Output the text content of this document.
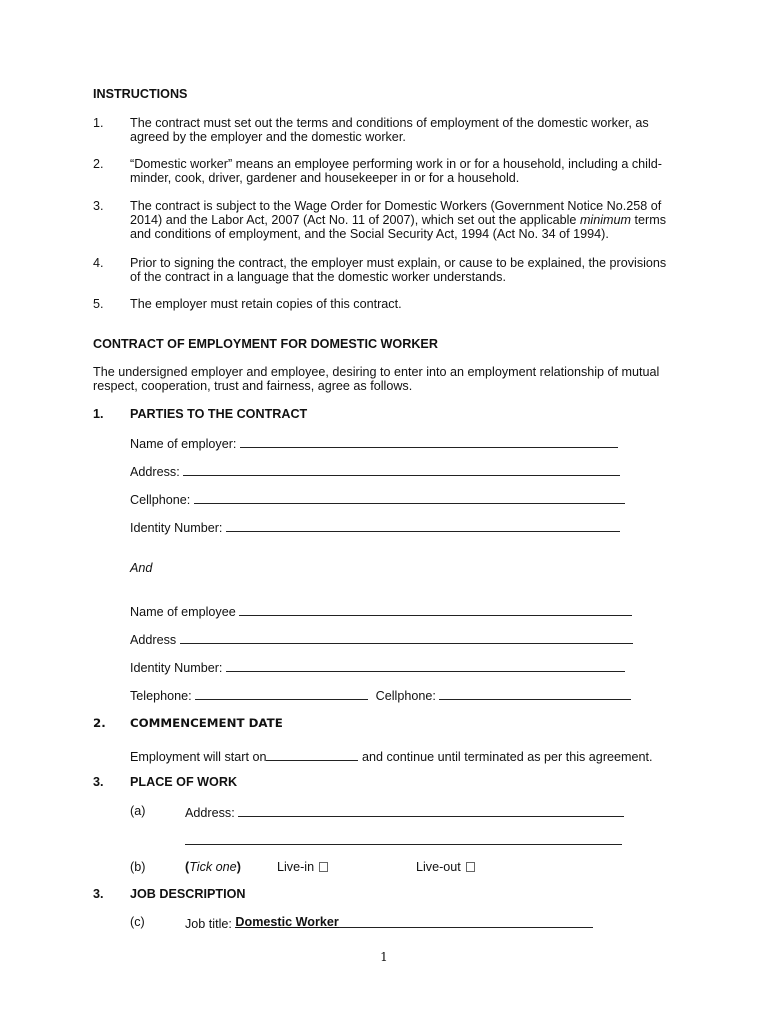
INSTRUCTIONS
1. The contract must set out the terms and conditions of employment of the domestic worker, as
agreed by the employer and the domestic worker.
2. “Domestic worker” means an employee performing work in or for a household, including a child-
minder, cook, driver, gardener and housekeeper in or for a household.
3. The contract is subject to the Wage Order for Domestic Workers (Government Notice No.258 of
2014) and the Labor Act, 2007 (Act No. 11 of 2007), which set out the applicable minimum terms
and conditions of employment, and the Social Security Act, 1994 (Act No. 34 of 1994).
4. Prior to signing the contract, the employer must explain, or cause to be explained, the provisions
of the contract in a language that the domestic worker understands.
5. The employer must retain copies of this contract.
CONTRACT OF EMPLOYMENT FOR DOMESTIC WORKER
The undersigned employer and employee, desiring to enter into an employment relationship of mutual
respect, cooperation, trust and fairness, agree as follows.
1. PARTIES TO THE CONTRACT
Name of employer:
Address:
Cellphone:
Identity Number:
And
Name of employee
Address
Identity Number:
Telephone:	Cellphone:
2. COMMENCEMENT DATE
Employment will start on	and continue until terminated as per this agreement.
3. PLACE OF WORK
(a)	Address:
(b)	(Tick one)	Live-in	Live-out
3. JOB DESCRIPTION
(c)	Job title: Domestic Worker
1
